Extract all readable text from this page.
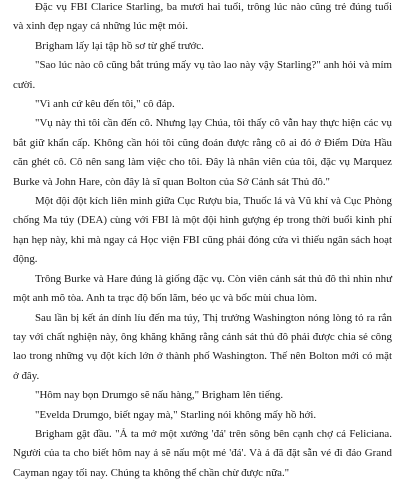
Đặc vụ FBI Clarice Starling, ba mươi hai tuổi, trông lúc nào cũng trẻ đúng tuổi và xinh đẹp ngay cả những lúc mệt mỏi.

Brigham lấy lại tập hồ sơ từ ghế trước.

"Sao lúc nào cô cũng bắt trúng mấy vụ tào lao này vậy Starling?" anh hỏi và mỉm cười.

"Vì anh cứ kêu đến tôi," cô đáp.

"Vụ này thì tôi cần đến cô. Nhưng lạy Chúa, tôi thấy cô vẫn hay thực hiện các vụ bắt giữ khẩn cấp. Không cần hỏi tôi cũng đoán được rằng cô ai đó ở Điểm Dừa Hầu căn ghét cô. Cô nên sang làm việc cho tôi. Đây là nhân viên của tôi, đặc vụ Marquez Burke và John Hare, còn đây là sĩ quan Bolton của Sở Cảnh sát Thủ đô."

Một đội đột kích liên minh giữa Cục Rượu bia, Thuốc lá và Vũ khí và Cục Phòng chống Ma túy (DEA) cùng với FBI là một đội hình gượng ép trong thời buổi kinh phí hạn hẹp này, khi mà ngay cả Học viện FBI cũng phải đóng cửa vì thiếu ngân sách hoạt động.

Trông Burke và Hare đúng là giống đặc vụ. Còn viên cảnh sát thủ đô thì nhìn như một anh mõ tòa. Anh ta trạc độ bốn lăm, béo ục và bốc mùi chua lòm.

Sau lần bị kết án dính líu đến ma túy, Thị trưởng Washington nóng lòng tỏ ra rắn tay với chất nghiện này, ông khăng khăng rằng cảnh sát thủ đô phải được chia sẻ công lao trong những vụ đột kích lớn ở thành phố Washington. Thế nên Bolton mới có mặt ở đây.

"Hôm nay bọn Drumgo sẽ nấu hàng," Brigham lên tiếng.

"Evelda Drumgo, biết ngay mà," Starling nói không mấy hồ hởi.

Brigham gật đầu. "Ả ta mở một xưởng 'đá' trên sông bên cạnh chợ cá Feliciana. Người của ta cho biết hôm nay ả sẽ nấu một mẻ 'đá'. Và ả đã đặt sẵn vé đi đảo Grand Cayman ngay tối nay. Chúng ta không thể chần chừ được nữa."
